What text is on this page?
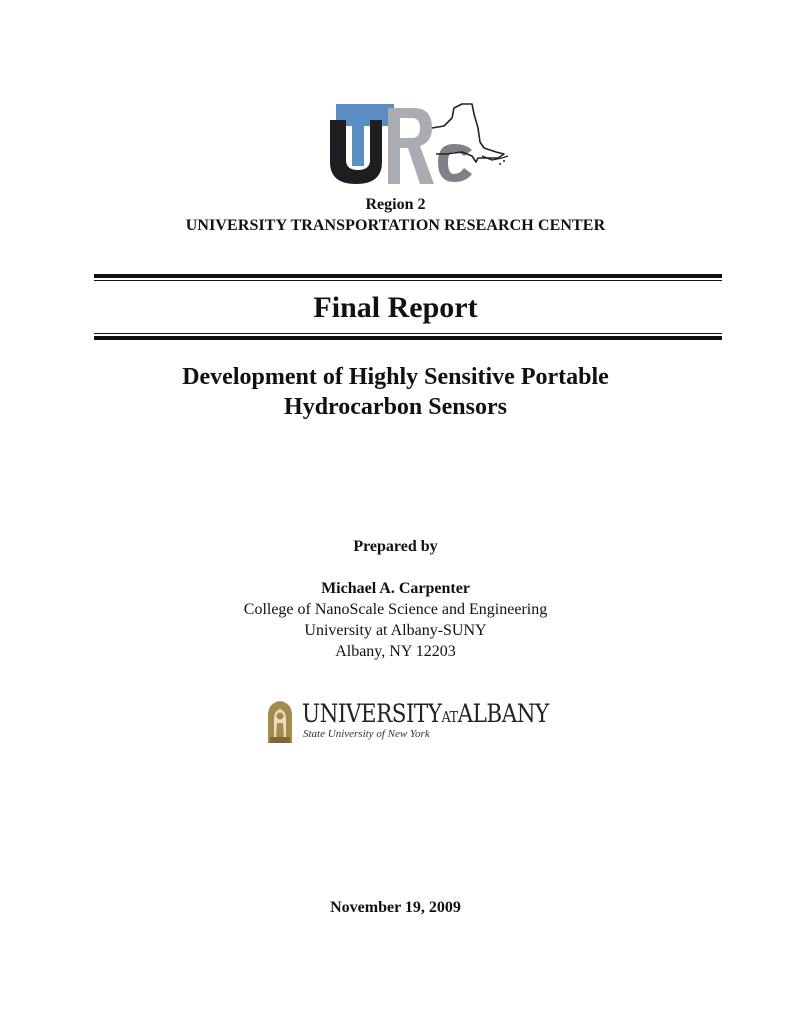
Region 2
UNIVERSITY TRANSPORTATION RESEARCH CENTER
Final Report
Development of Highly Sensitive Portable
Hydrocarbon Sensors
Prepared by
Michael A. Carpenter
College of NanoScale Science and Engineering
University at Albany-SUNY
Albany, NY 12203
UNIVERSITYATALBANY
State University of New York
November 19, 2009
